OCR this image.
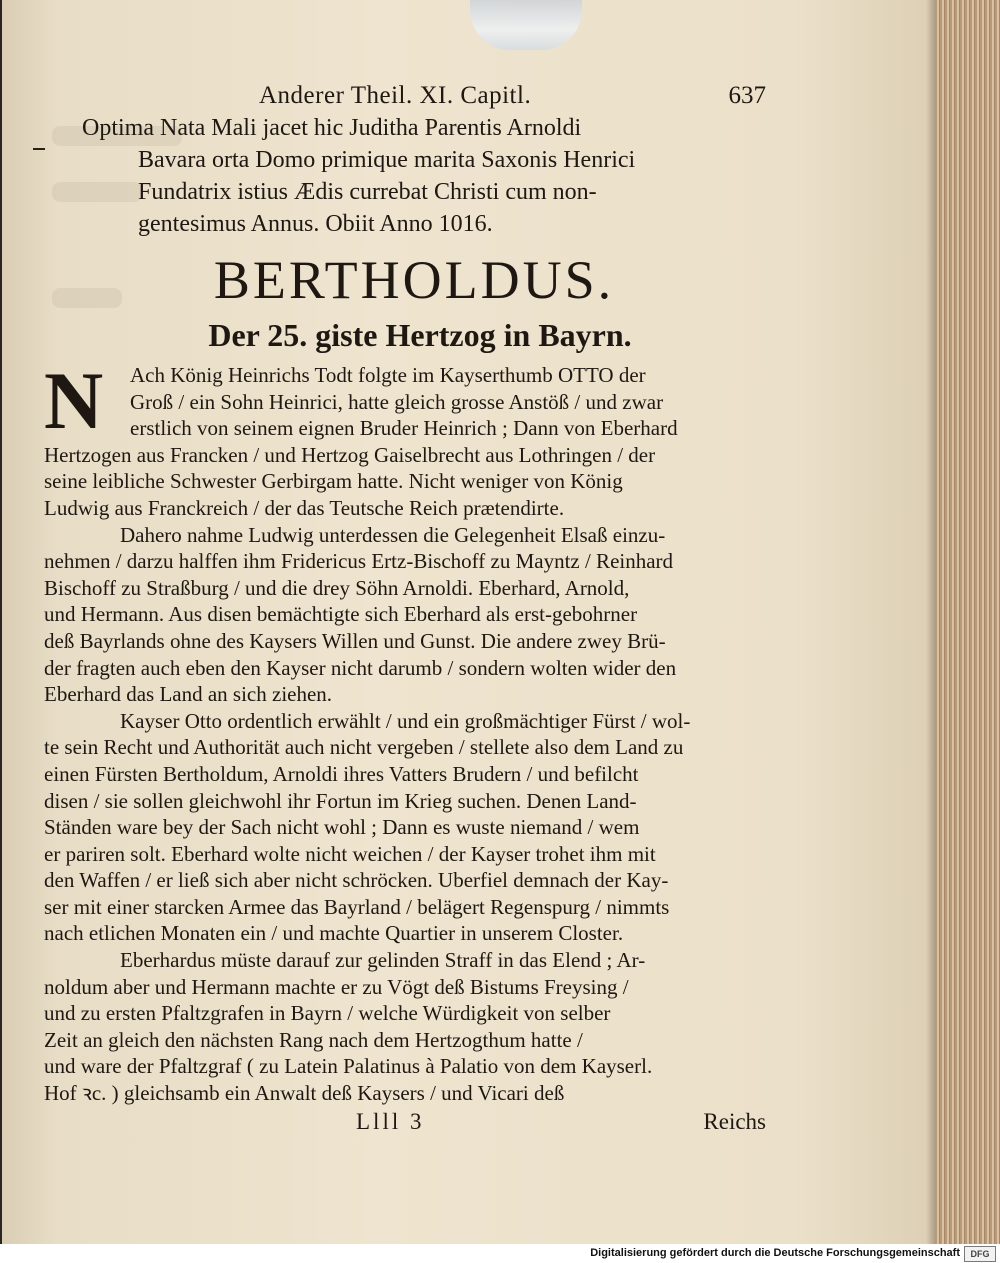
Anderer Theil. XI. Capitl.	637
Optima Nata Mali jacet hic Juditha Parentis Arnoldi
Bavara orta Domo primique marita Saxonis Henrici
Fundatrix istius Ædis currebat Christi cum non-
gentesimus Annus. Obiit Anno 1016.
BERTHOLDUS.
Der 25. giste Hertzog in Bayrn.
N	Ach König Heinrichs Todt folgte im Kayserthumb OTTO der
Groß / ein Sohn Heinrici, hatte gleich grosse Anstöß / und zwar
erstlich von seinem eignen Bruder Heinrich ; Dann von Eberhard
Hertzogen aus Francken / und Hertzog Gaiselbrecht aus Lothringen / der
seine leibliche Schwester Gerbirgam hatte. Nicht weniger von König
Ludwig aus Franckreich / der das Teutsche Reich prætendirte.
Dahero nahme Ludwig unterdessen die Gelegenheit Elsaß einzu-
nehmen / darzu halffen ihm Fridericus Ertz-Bischoff zu Mayntz / Reinhard
Bischoff zu Straßburg / und die drey Söhn Arnoldi. Eberhard, Arnold,
und Hermann. Aus disen bemächtigte sich Eberhard als erst-gebohrner
deß Bayrlands ohne des Kaysers Willen und Gunst. Die andere zwey Brü-
der fragten auch eben den Kayser nicht darumb / sondern wolten wider den
Eberhard das Land an sich ziehen.
Kayser Otto ordentlich erwählt / und ein großmächtiger Fürst / wol-
te sein Recht und Authorität auch nicht vergeben / stellete also dem Land zu
einen Fürsten Bertholdum, Arnoldi ihres Vatters Brudern / und befilcht
disen / sie sollen gleichwohl ihr Fortun im Krieg suchen. Denen Land-
Ständen ware bey der Sach nicht wohl ; Dann es wuste niemand / wem
er pariren solt. Eberhard wolte nicht weichen / der Kayser trohet ihm mit
den Waffen / er ließ sich aber nicht schröcken. Uberfiel demnach der Kay-
ser mit einer starcken Armee das Bayrland / belägert Regenspurg / nimmts
nach etlichen Monaten ein / und machte Quartier in unserem Closter.
Eberhardus müste darauf zur gelinden Straff in das Elend ; Ar-
noldum aber und Hermann machte er zu Vögt deß Bistums Freysing /
und zu ersten Pfaltzgrafen in Bayrn / welche Würdigkeit von selber
Zeit an gleich den nächsten Rang nach dem Hertzogthum hatte /
und ware der Pfaltzgraf ( zu Latein Palatinus à Palatio von dem Kayserl.
Hof ꝛc. ) gleichsamb ein Anwalt deß Kaysers / und Vicari deß
Llll 3	Reichs
Digitalisierung gefördert durch die Deutsche Forschungsgemeinschaft	DFG
